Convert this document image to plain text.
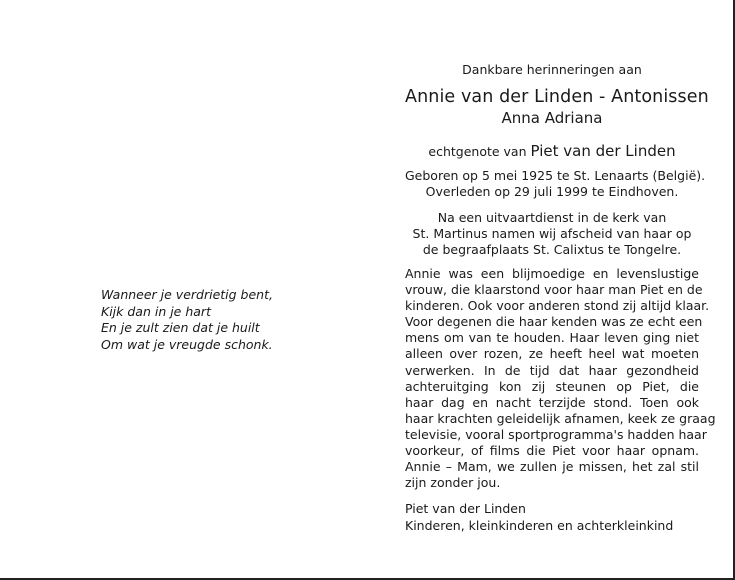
Wanneer je verdrietig bent,
Kijk dan in je hart
En je zult zien dat je huilt
Om wat je vreugde schonk.
Dankbare herinneringen aan
Annie van der Linden - Antonissen
Anna Adriana
echtgenote van Piet van der Linden
Geboren op 5 mei 1925 te St. Lenaarts (België).
Overleden op 29 juli 1999 te Eindhoven.
Na een uitvaartdienst in de kerk van
St. Martinus namen wij afscheid van haar op
de begraafplaats St. Calixtus te Tongelre.
Annie was een blijmoedige en levenslustige
vrouw, die klaarstond voor haar man Piet en de
kinderen. Ook voor anderen stond zij altijd klaar.
Voor degenen die haar kenden was ze echt een
mens om van te houden. Haar leven ging niet
alleen over rozen, ze heeft heel wat moeten
verwerken. In de tijd dat haar gezondheid
achteruitging kon zij steunen op Piet, die
haar dag en nacht terzijde stond. Toen ook
haar krachten geleidelijk afnamen, keek ze graag
televisie, vooral sportprogramma's hadden haar
voorkeur, of films die Piet voor haar opnam.
Annie – Mam, we zullen je missen, het zal stil
zijn zonder jou.
Piet van der Linden
Kinderen, kleinkinderen en achterkleinkind
